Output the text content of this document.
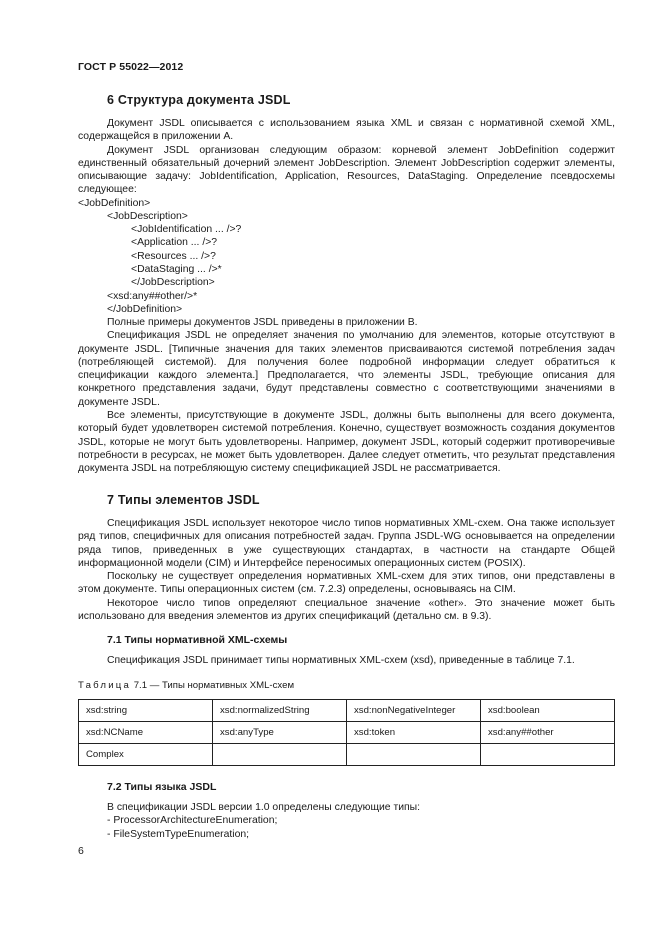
ГОСТ Р 55022—2012
6 Структура документа JSDL

Документ JSDL описывается с использованием языка XML и связан с нормативной схемой XML, содержащейся в приложении А.

Документ JSDL организован следующим образом: корневой элемент JobDefinition содержит единственный обязательный дочерний элемент JobDescription. Элемент JobDescription содержит элементы, описывающие задачу: JobIdentification, Application, Resources, DataStaging. Определение псевдосхемы следующее:

<JobDefinition>
<JobDescription>
<JobIdentification ... />?
<Application ... />?
<Resources ... />?
<DataStaging ... />*
</JobDescription>
<xsd:any##other/>*
</JobDefinition>

Полные примеры документов JSDL приведены в приложении В.

Спецификация JSDL не определяет значения по умолчанию для элементов, которые отсутствуют в документе JSDL. [Типичные значения для таких элементов присваиваются системой потребления задач (потребляющей системой). Для получения более подробной информации следует обратиться к спецификации каждого элемента.] Предполагается, что элементы JSDL, требующие описания для конкретного представления задачи, будут представлены совместно с соответствующими значениями в документе JSDL.

Все элементы, присутствующие в документе JSDL, должны быть выполнены для всего документа, который будет удовлетворен системой потребления. Конечно, существует возможность создания документов JSDL, которые не могут быть удовлетворены. Например, документ JSDL, который содержит противоречивые потребности в ресурсах, не может быть удовлетворен. Далее следует отметить, что результат представления документа JSDL на потребляющую систему спецификацией JSDL не рассматривается.

7 Типы элементов JSDL

Спецификация JSDL использует некоторое число типов нормативных XML-схем. Она также использует ряд типов, специфичных для описания потребностей задач. Группа JSDL-WG основывается на определении ряда типов, приведенных в уже существующих стандартах, в частности на стандарте Общей информационной модели (CIM) и Интерфейсе переносимых операционных систем (POSIX).

Поскольку не существует определения нормативных XML-схем для этих типов, они представлены в этом документе. Типы операционных систем (см. 7.2.3) определены, основываясь на CIM.

Некоторое число типов определяют специальное значение «other». Это значение может быть использовано для введения элементов из других спецификаций (детально см. в 9.3).

7.1 Типы нормативной XML-схемы

Спецификация JSDL принимает типы нормативных XML-схем (xsd), приведенные в таблице 7.1.

Таблица 7.1 — Типы нормативных XML-схем
xsd:string	xsd:normalizedString	xsd:nonNegativeInteger	xsd:boolean
xsd:NCName	xsd:anyType	xsd:token	xsd:any##other
Complex			
7.2 Типы языка JSDL
В спецификации JSDL версии 1.0 определены следующие типы:
- ProcessorArchitectureEnumeration;
- FileSystemTypeEnumeration;
6
